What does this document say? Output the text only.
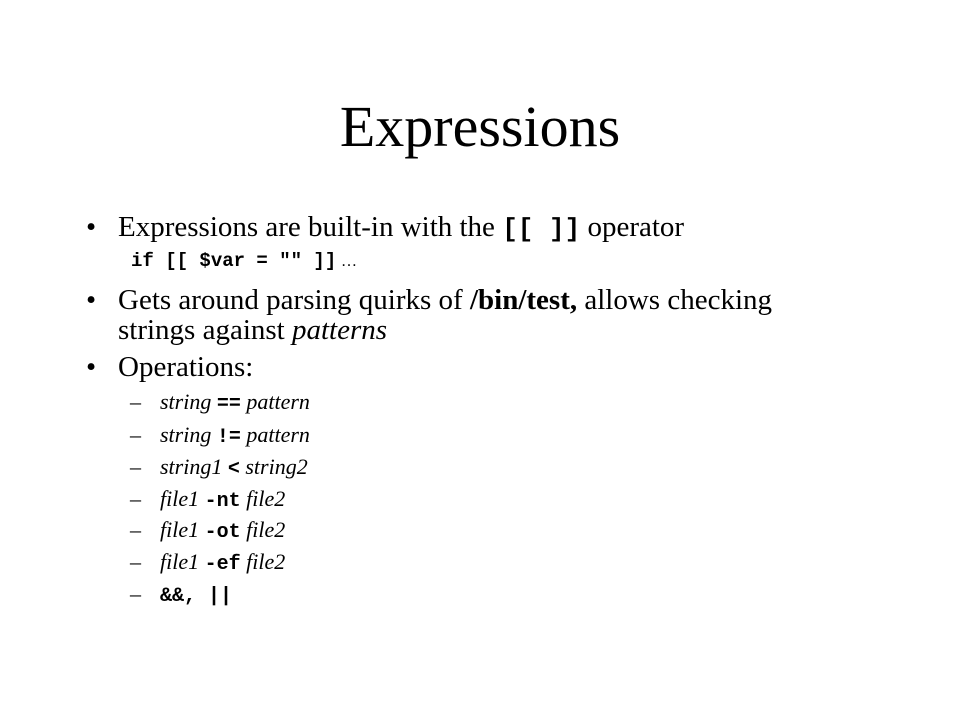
Expressions
• Expressions are built-in with the [[ ]] operator
if [[ $var = "" ]] …
• Gets around parsing quirks of /bin/test, allows checking
strings against patterns
• Operations:
– string == pattern
– string != pattern
– string1 < string2
– file1 -nt file2
– file1 -ot file2
– file1 -ef file2
– &&, ||
